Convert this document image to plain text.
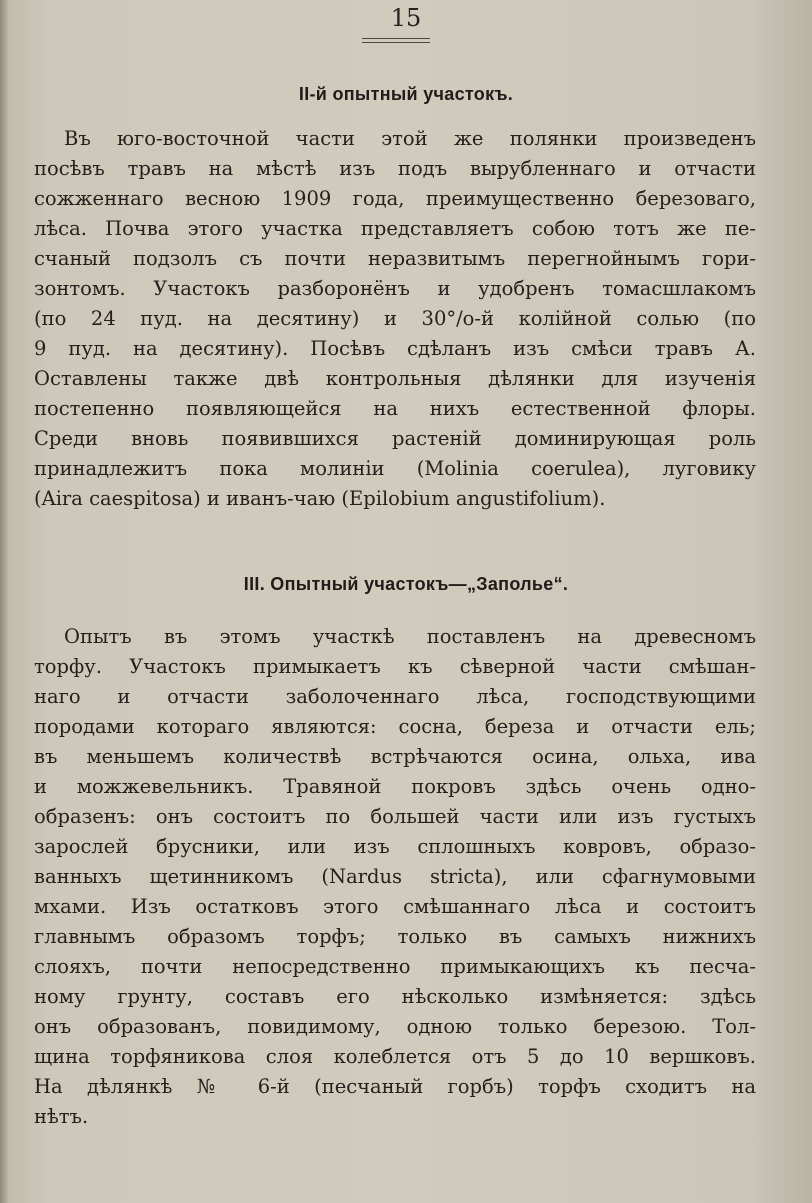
15
II-й опытный участокъ.
Въ юго-восточной части этой же полянки произведенъ
посѣвъ травъ на мѣстѣ изъ подъ вырубленнаго и отчасти
сожженнаго весною 1909 года, преимущественно березоваго,
лѣса. Почва этого участка представляетъ собою тотъ же пе-
счаный подзолъ съ почти неразвитымъ перегнойнымъ гори-
зонтомъ. Участокъ разборонёнъ и удобренъ томасшлакомъ
(по 24 пуд. на десятину) и 30°/о-й колійной солью (по
9 пуд. на десятину). Посѣвъ сдѣланъ изъ смѣси травъ А.
Оставлены также двѣ контрольныя дѣлянки для изученія
постепенно появляющейся на нихъ естественной флоры.
Среди вновь появившихся растеній доминирующая роль
принадлежитъ пока молиніи (Molinia coerulea), луговику
(Aira caespitosa) и иванъ-чаю (Epilobium angustifolium).
III. Опытный участокъ—„Заполье“.
Опытъ въ этомъ участкѣ поставленъ на древесномъ
торфу. Участокъ примыкаетъ къ сѣверной части смѣшан-
наго и отчасти заболоченнаго лѣса, господствующими
породами котораго являются: сосна, береза и отчасти ель;
въ меньшемъ количествѣ встрѣчаются осина, ольха, ива
и можжевельникъ. Травяной покровъ здѣсь очень одно-
образенъ: онъ состоитъ по большей части или изъ густыхъ
зарослей брусники, или изъ сплошныхъ ковровъ, образо-
ванныхъ щетинникомъ (Nardus stricta), или сфагнумовыми
мхами. Изъ остатковъ этого смѣшаннаго лѣса и состоитъ
главнымъ образомъ торфъ; только въ самыхъ нижнихъ
слояхъ, почти непосредственно примыкающихъ къ песча-
ному грунту, составъ его нѣсколько измѣняется: здѣсь
онъ образованъ, повидимому, одною только березою. Тол-
щина торфяникова слоя колеблется отъ 5 до 10 вершковъ.
На дѣлянкѣ № 6-й (песчаный горбъ) торфъ сходитъ на
нѣтъ.
